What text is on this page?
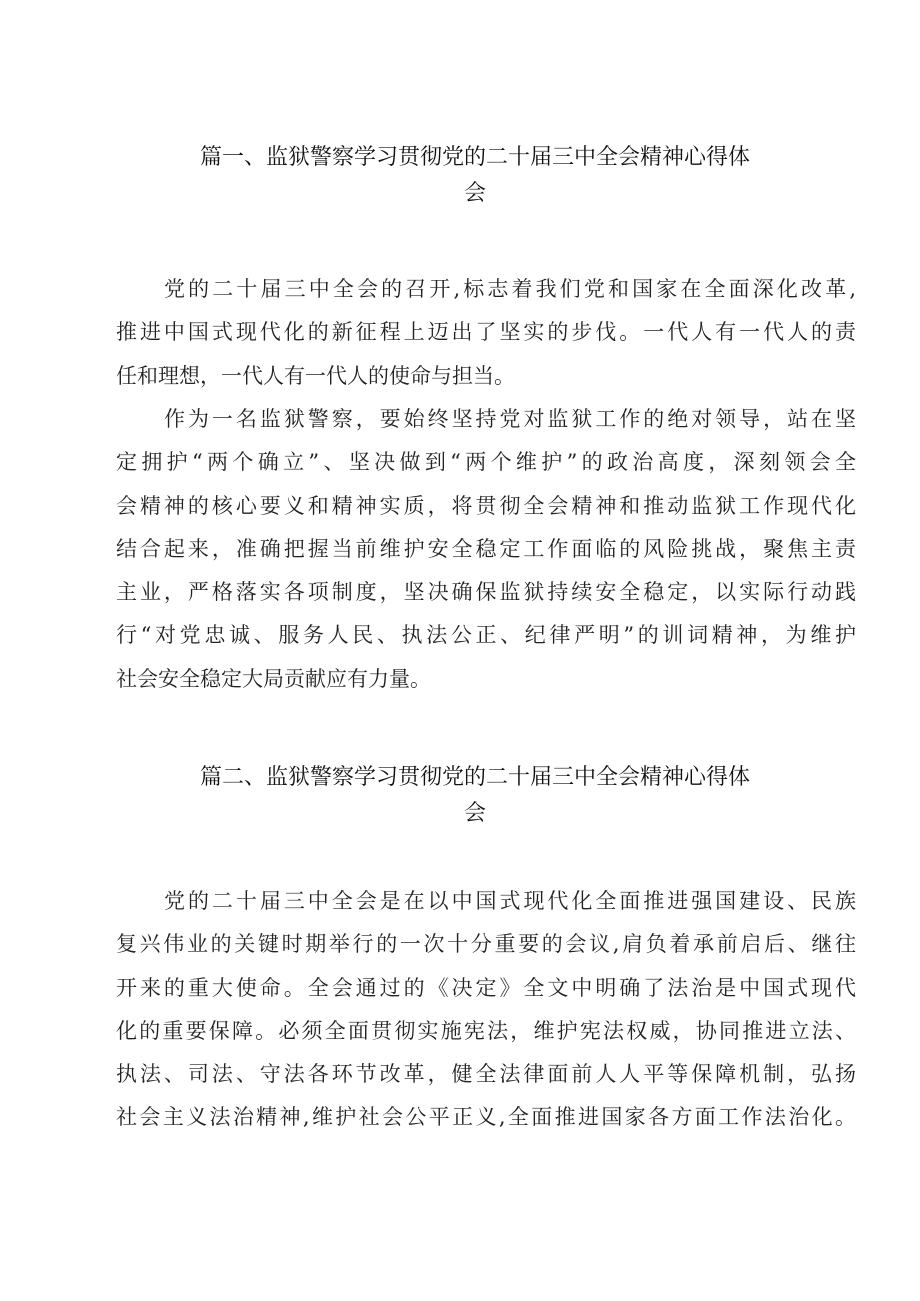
篇一、监狱警察学习贯彻党的二十届三中全会精神心得体
会
党的二十届三中全会的召开,标志着我们党和国家在全面深化改革,
推进中国式现代化的新征程上迈出了坚实的步伐。一代人有一代人的责
任和理想，一代人有一代人的使命与担当。
作为一名监狱警察，要始终坚持党对监狱工作的绝对领导，站在坚
定拥护“两个确立”、坚决做到“两个维护”的政治高度，深刻领会全
会精神的核心要义和精神实质，将贯彻全会精神和推动监狱工作现代化
结合起来，准确把握当前维护安全稳定工作面临的风险挑战，聚焦主责
主业，严格落实各项制度，坚决确保监狱持续安全稳定，以实际行动践
行“对党忠诚、服务人民、执法公正、纪律严明”的训词精神，为维护
社会安全稳定大局贡献应有力量。
篇二、监狱警察学习贯彻党的二十届三中全会精神心得体
会
党的二十届三中全会是在以中国式现代化全面推进强国建设、民族
复兴伟业的关键时期举行的一次十分重要的会议,肩负着承前启后、继往
开来的重大使命。全会通过的《决定》全文中明确了法治是中国式现代
化的重要保障。必须全面贯彻实施宪法，维护宪法权威，协同推进立法、
执法、司法、守法各环节改革，健全法律面前人人平等保障机制，弘扬
社会主义法治精神,维护社会公平正义,全面推进国家各方面工作法治化。
